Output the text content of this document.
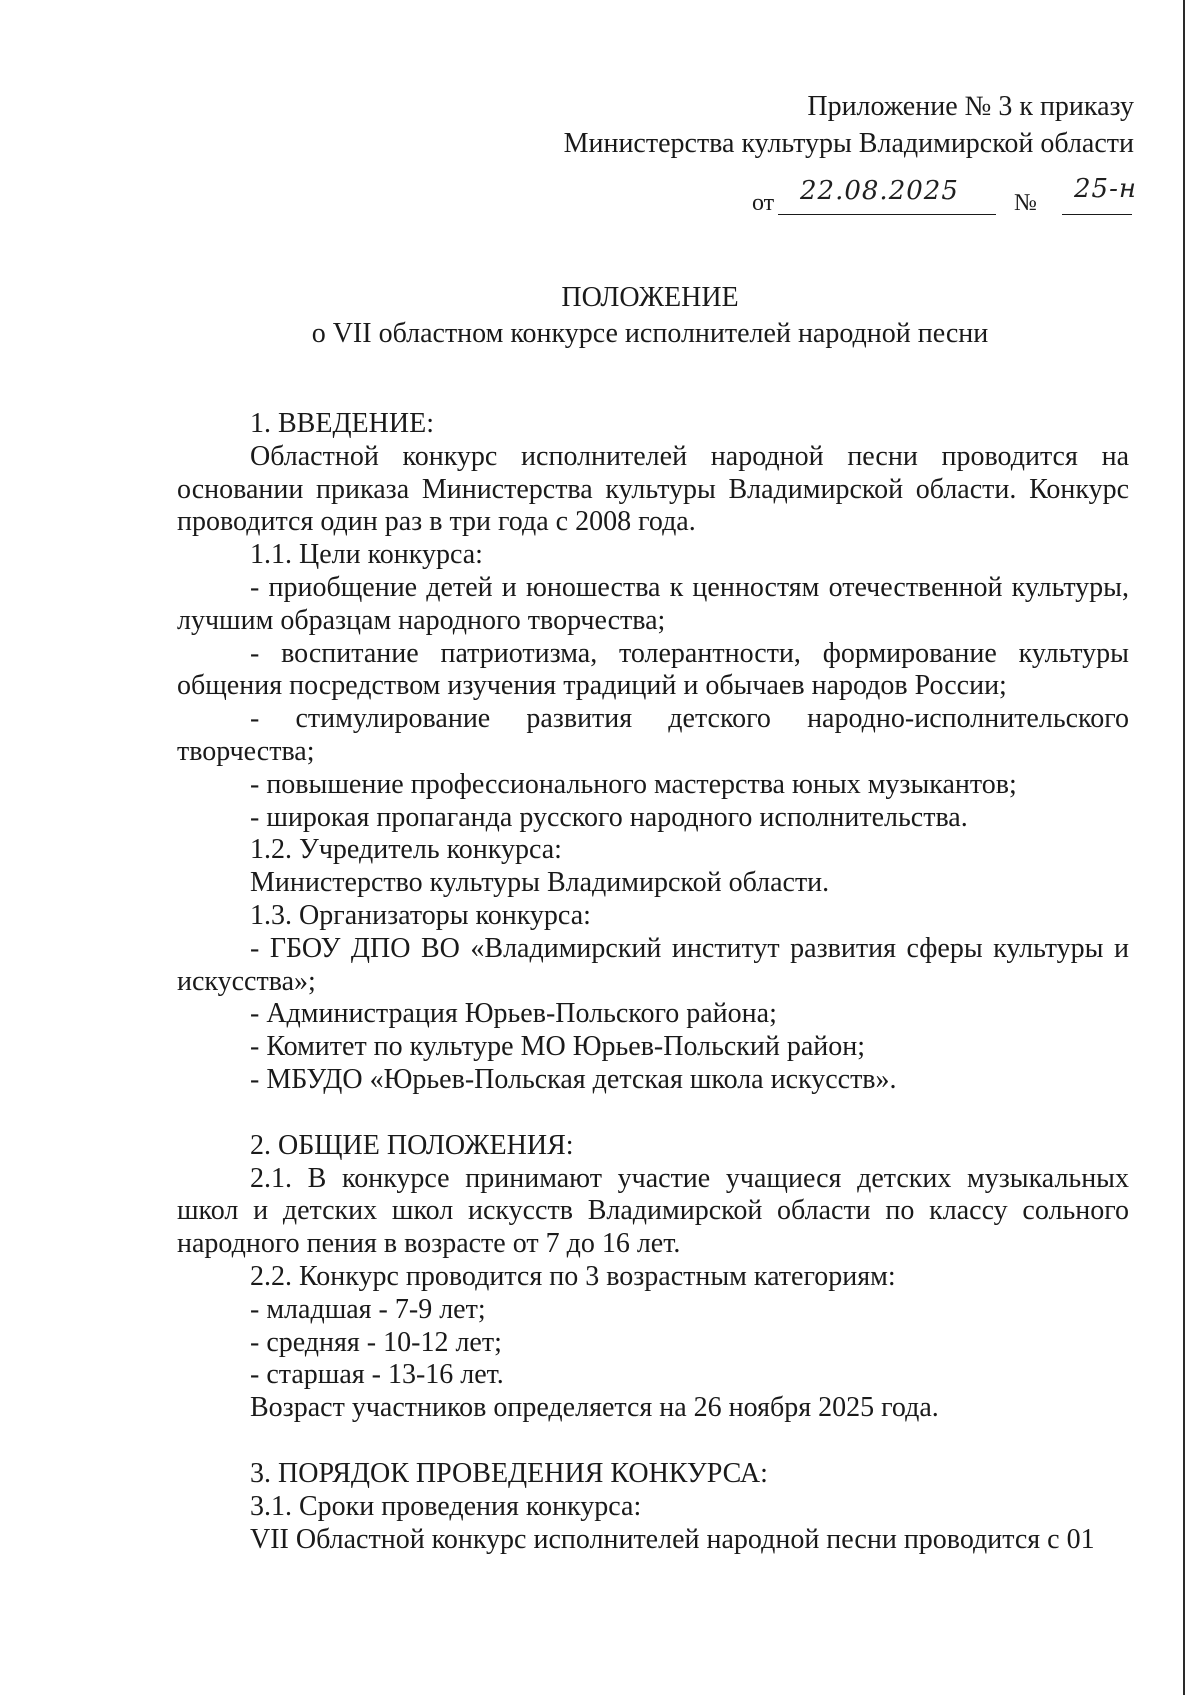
Приложение № 3 к приказу
Министерства культуры Владимирской области
от 22.08.2025 № 25-н
ПОЛОЖЕНИЕ
о VII областном конкурсе исполнителей народной песни

1. ВВЕДЕНИЕ:

Областной конкурс исполнителей народной песни проводится на основании приказа Министерства культуры Владимирской области. Конкурс проводится один раз в три года с 2008 года.

1.1. Цели конкурса:

- приобщение детей и юношества к ценностям отечественной культуры, лучшим образцам народного творчества;

- воспитание патриотизма, толерантности, формирование культуры общения посредством изучения традиций и обычаев народов России;

- стимулирование развития детского народно-исполнительского творчества;

- повышение профессионального мастерства юных музыкантов;

- широкая пропаганда русского народного исполнительства.

1.2. Учредитель конкурса:

Министерство культуры Владимирской области.

1.3. Организаторы конкурса:

- ГБОУ ДПО ВО «Владимирский институт развития сферы культуры и искусства»;

- Администрация Юрьев-Польского района;

- Комитет по культуре МО Юрьев-Польский район;

- МБУДО «Юрьев-Польская детская школа искусств».

2. ОБЩИЕ ПОЛОЖЕНИЯ:

2.1. В конкурсе принимают участие учащиеся детских музыкальных школ и детских школ искусств Владимирской области по классу сольного народного пения в возрасте от 7 до 16 лет.

2.2. Конкурс проводится по 3 возрастным категориям:

- младшая - 7-9 лет;

- средняя - 10-12 лет;

- старшая - 13-16 лет.

Возраст участников определяется на 26 ноября 2025 года.

3. ПОРЯДОК ПРОВЕДЕНИЯ КОНКУРСА:

3.1. Сроки проведения конкурса:

VII Областной конкурс исполнителей народной песни проводится с 01
